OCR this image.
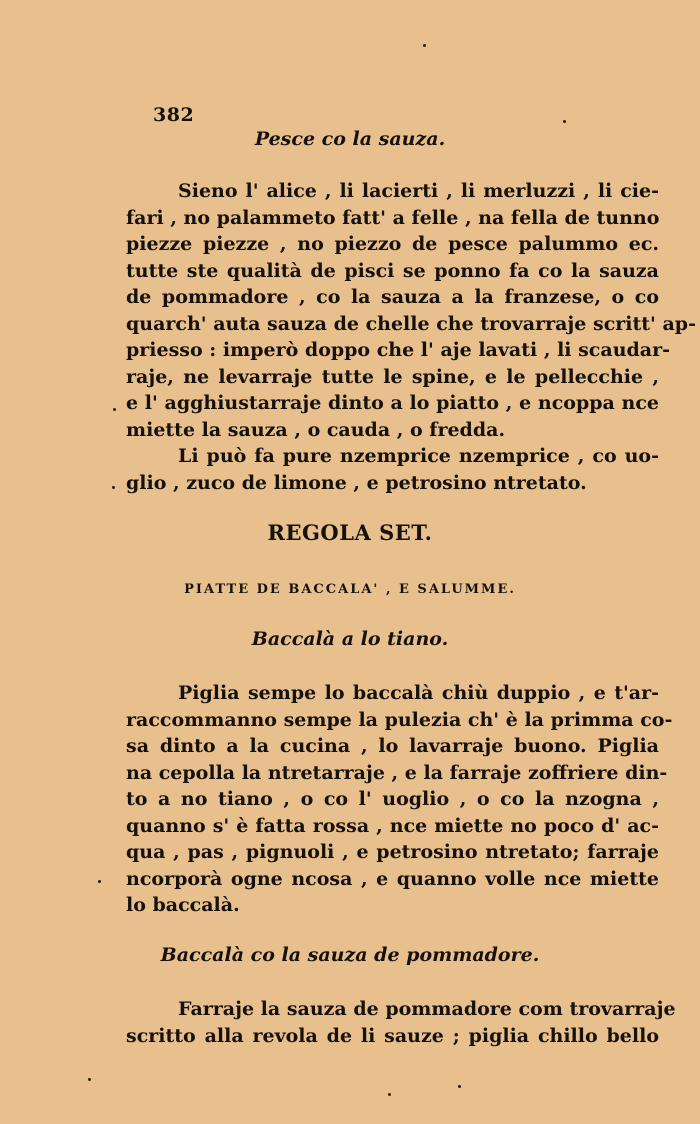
382
Pesce co la sauza.
Sieno l' alice , li lacierti , li merluzzi , li cie-
fari , no palammeto fatt' a felle , na fella de tunno
piezze piezze , no piezzo de pesce palummo ec.
tutte ste qualità de pisci se ponno fa co la sauza
de pommadore , co la sauza a la franzese, o co
quarch' auta sauza de chelle che trovarraje scritt' ap-
priesso : imperò doppo che l' aje lavati , li scaudar-
raje, ne levarraje tutte le spine, e le pellecchie ,
e l' agghiustarraje dinto a lo piatto , e ncoppa nce
miette la sauza , o cauda , o fredda.
Li può fa pure nzemprice nzemprice , co uo-
glio , zuco de limone , e petrosino ntretato.
REGOLA SET.
PIATTE DE BACCALA' , E SALUMME.
Baccalà a lo tiano.
Piglia sempe lo baccalà chiù duppio , e t'ar-
raccommanno sempe la pulezia ch' è la primma co-
sa dinto a la cucina , lo lavarraje buono. Piglia
na cepolla la ntretarraje , e la farraje zoffriere din-
to a no tiano , o co l' uoglio , o co la nzogna ,
quanno s' è fatta rossa , nce miette no poco d' ac-
qua , pas , pignuoli , e petrosino ntretato; farraje
ncorporà ogne ncosa , e quanno volle nce miette
lo baccalà.
Baccalà co la sauza de pommadore.
Farraje la sauza de pommadore com trovarraje
scritto alla revola de li sauze ; piglia chillo bello
